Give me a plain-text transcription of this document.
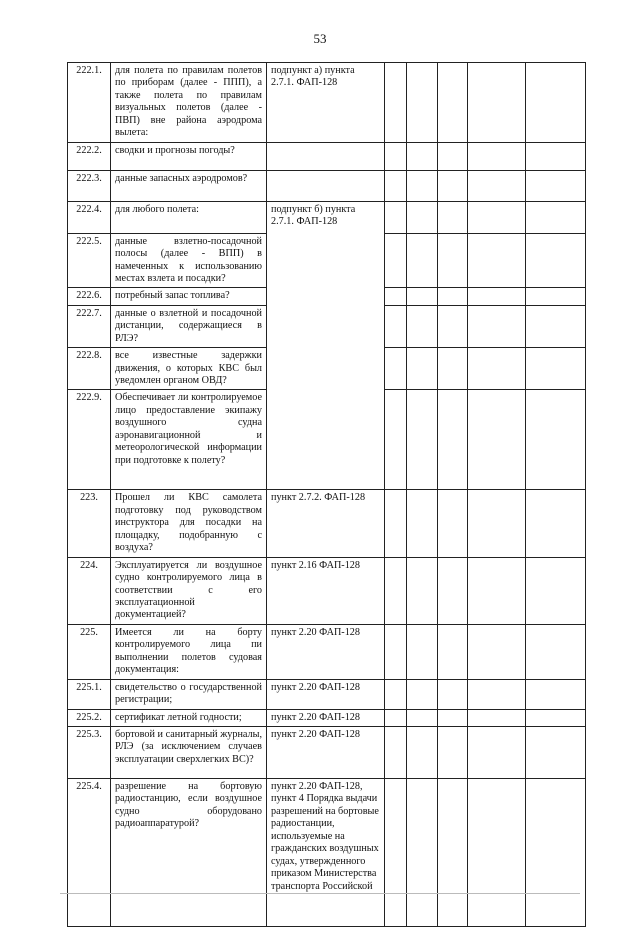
53
222.1.	для полета по правилам полетов по приборам (далее - ППП), а также полета по правилам визуальных полетов (далее - ПВП) вне района аэродрома вылета:	подпункт а) пункта 2.7.1. ФАП-128					
222.2.	сводки и прогнозы погоды?						
222.3.	данные запасных аэродромов?						
222.4.	для любого полета:	подпункт б) пункта 2.7.1. ФАП-128					
222.5.	данные взлетно-посадочной полосы (далее - ВПП) в намеченных к использованию местах взлета и посадки?						
222.6.	потребный запас топлива?						
222.7.	данные о взлетной и посадочной дистанции, содержащиеся в РЛЭ?						
222.8.	все известные задержки движения, о которых КВС был уведомлен органом ОВД?						
222.9.	Обеспечивает ли контролируемое лицо предоставление экипажу воздушного судна аэронавигационной и метеорологической информации при подготовке к полету?						
223.	Прошел ли КВС самолета подготовку под руководством инструктора для посадки на площадку, подобранную с воздуха?	пункт 2.7.2. ФАП-128					
224.	Эксплуатируется ли воздушное судно контролируемого лица в соответствии с его эксплуатационной документацией?	пункт 2.16 ФАП-128					
225.	Имеется ли на борту контролируемого лица пи выполнении полетов судовая документация:	пункт 2.20 ФАП-128					
225.1.	свидетельство о государственной регистрации;	пункт 2.20 ФАП-128					
225.2.	сертификат летной годности;	пункт 2.20 ФАП-128					
225.3.	бортовой и санитарный журналы, РЛЭ (за исключением случаев эксплуатации сверхлегких ВС)?	пункт 2.20 ФАП-128					
225.4.	разрешение на бортовую радиостанцию, если воздушное судно оборудовано радиоаппаратурой?	пункт 2.20 ФАП-128, пункт 4 Порядка выдачи разрешений на бортовые радиостанции, используемые на гражданских воздушных судах, утвержденного приказом Министерства транспорта Российской					
